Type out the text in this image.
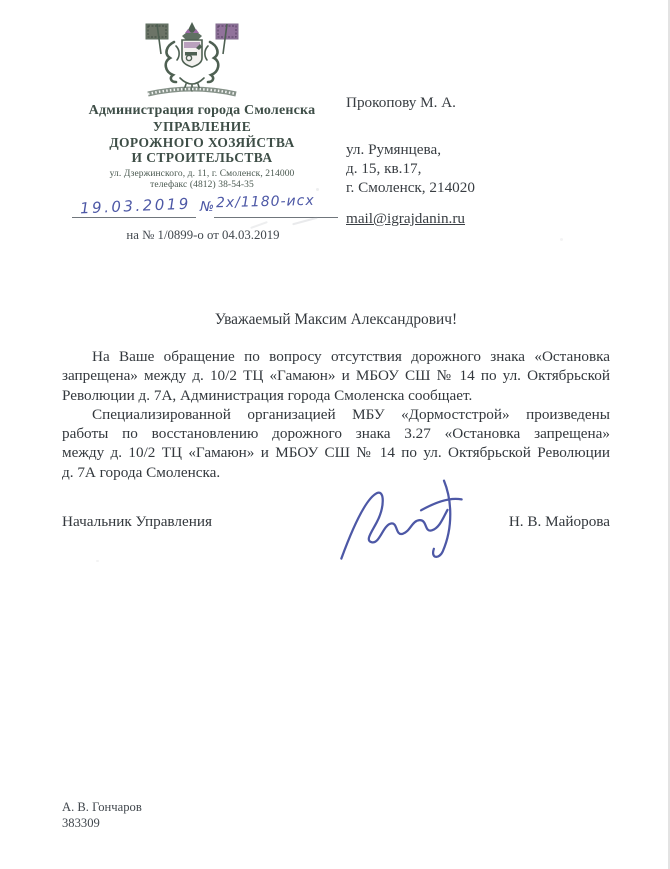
Администрация города Смоленска
УПРАВЛЕНИЕ
ДОРОЖНОГО ХОЗЯЙСТВА
И СТРОИТЕЛЬСТВА
ул. Дзержинского, д. 11, г. Смоленск, 214000
телефакс (4812) 38-54-35
19.03.2019 № 2х/1180-исх
на № 1/0899-о от 04.03.2019
Прокопову М. А.
ул. Румянцева,
д. 15, кв.17,
г. Смоленск, 214020
mail@igrajdanin.ru
Уважаемый Максим Александрович!
На Ваше обращение по вопросу отсутствия дорожного знака «Остановка
запрещена» между д. 10/2 ТЦ «Гамаюн» и МБОУ СШ № 14 по ул. Октябрьской
Революции д. 7А, Администрация города Смоленска сообщает.
Специализированной организацией МБУ «Дормостстрой» произведены
работы по восстановлению дорожного знака 3.27 «Остановка запрещена»
между д. 10/2 ТЦ «Гамаюн» и МБОУ СШ № 14 по ул. Октябрьской Революции
д. 7А города Смоленска.
Начальник Управления	Н. В. Майорова
А. В. Гончаров
383309
